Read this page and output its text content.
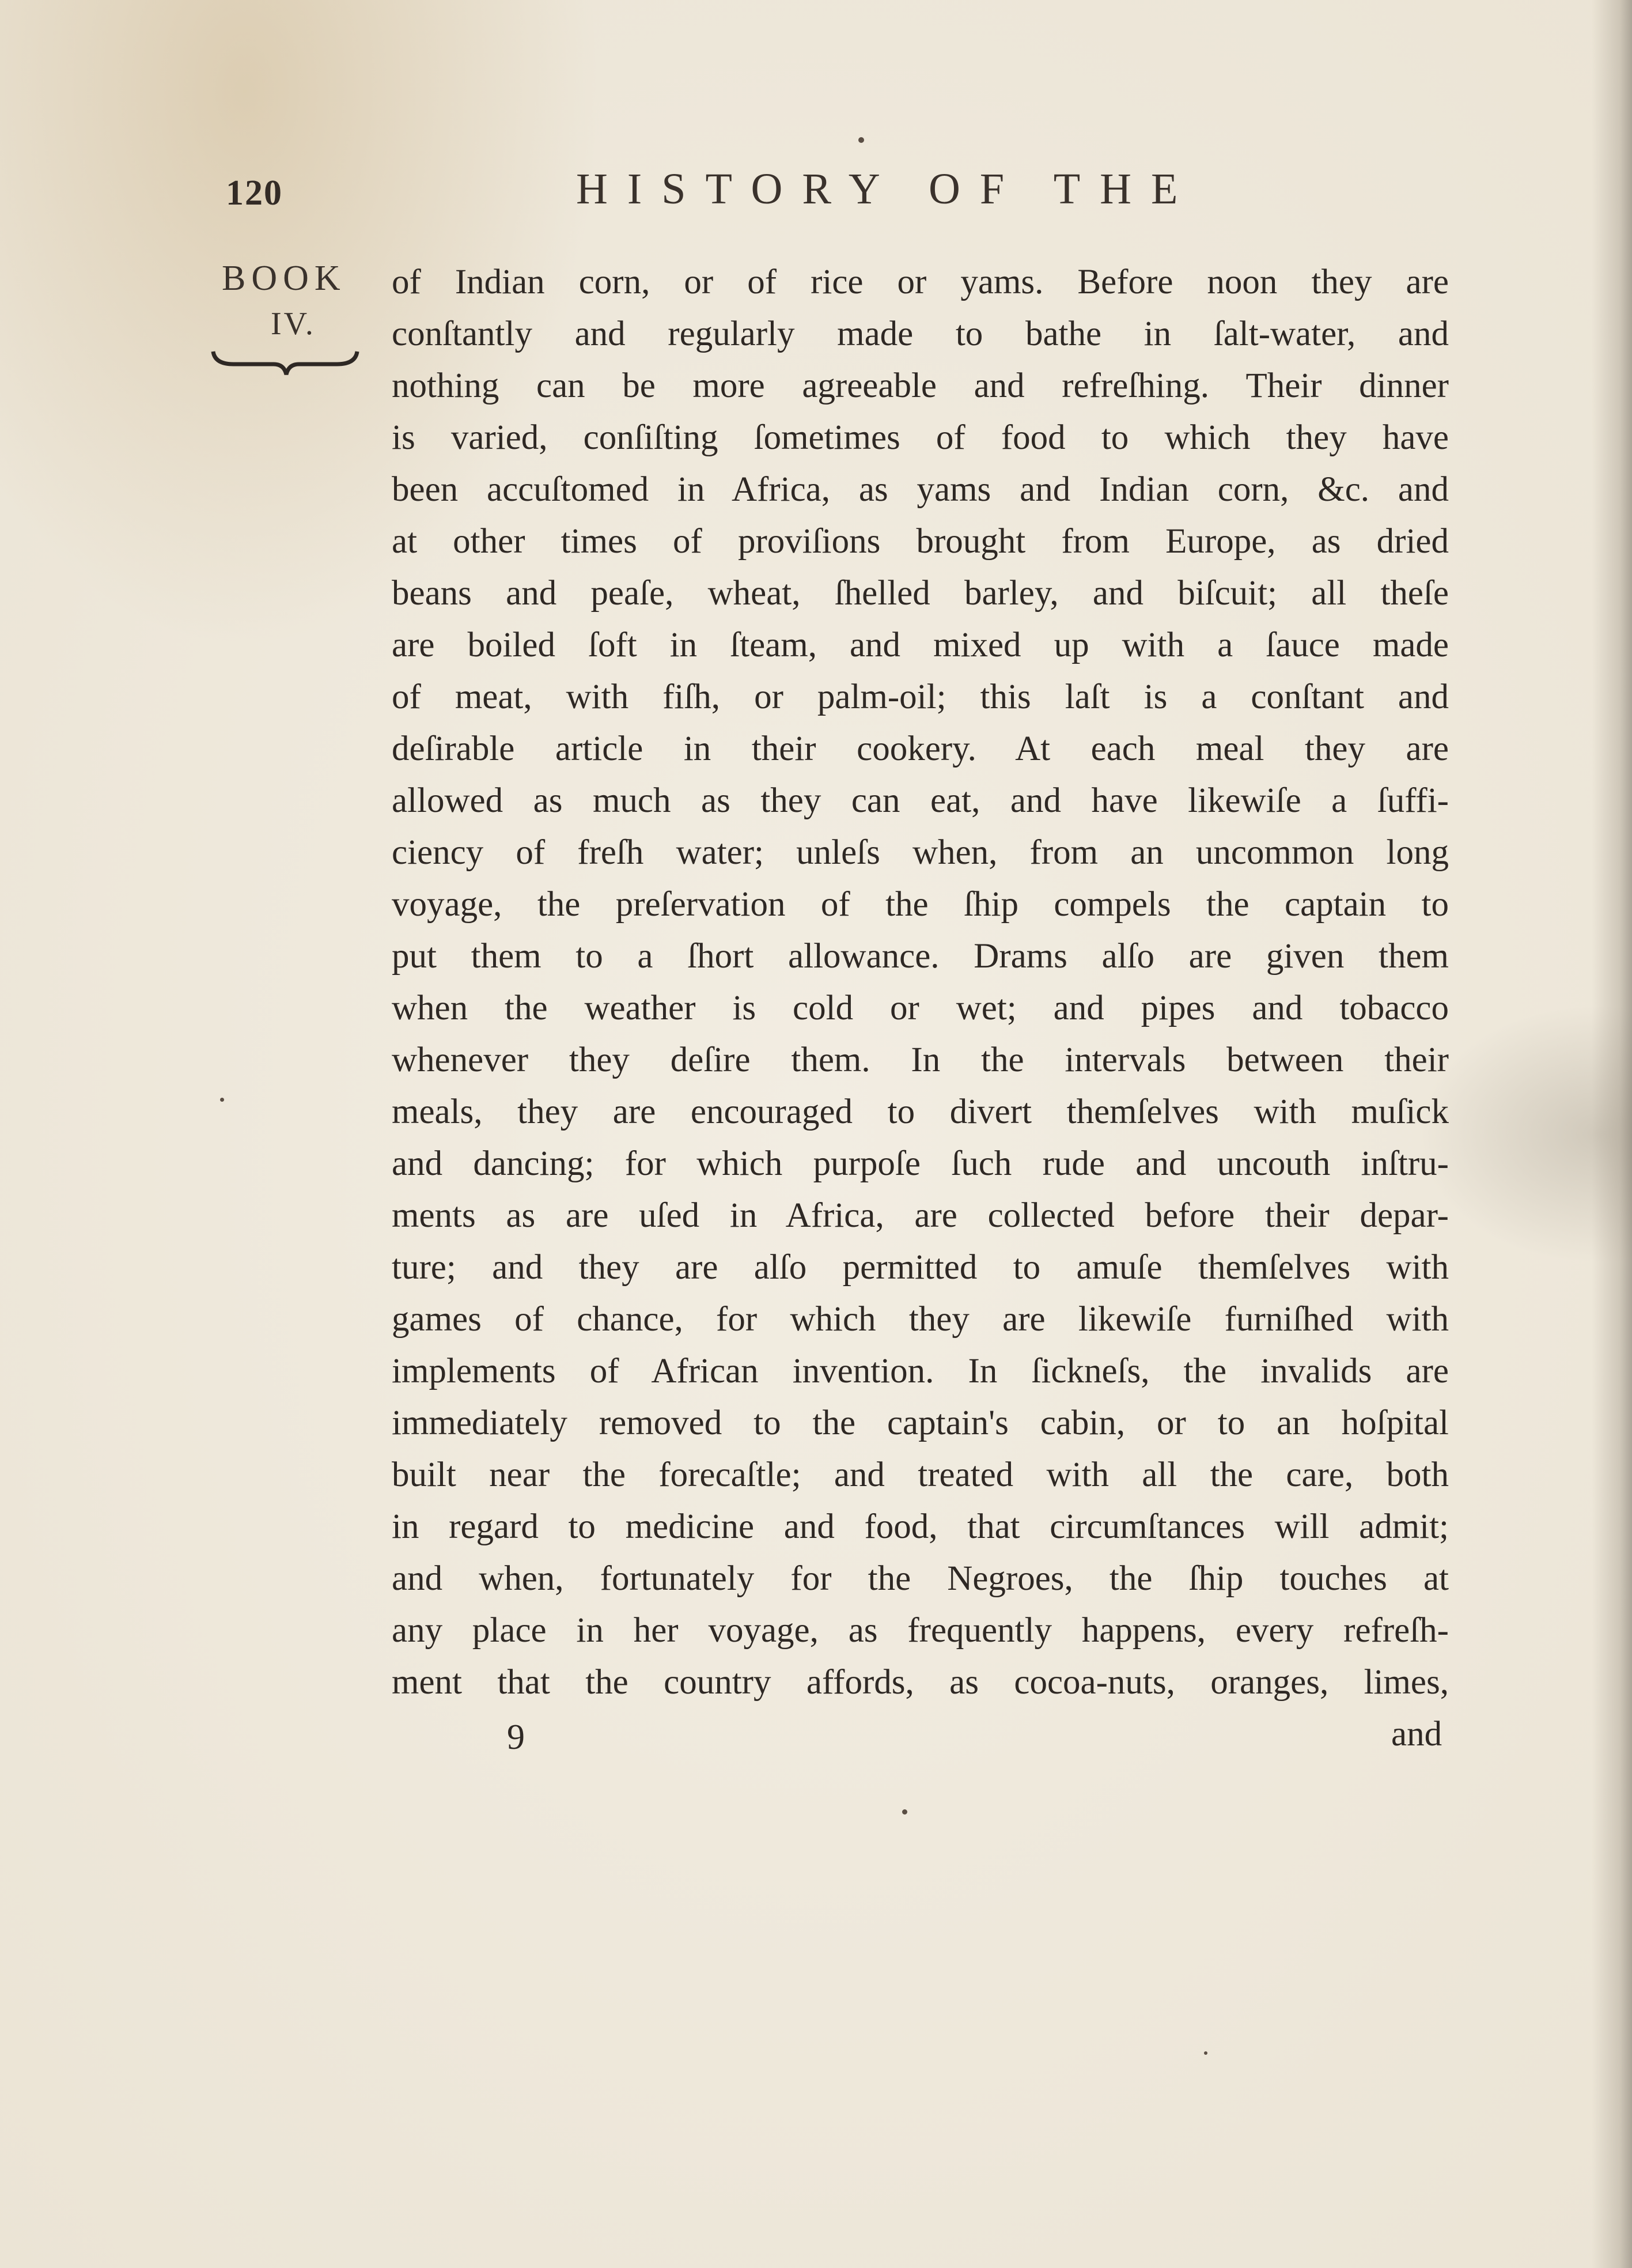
120	HISTORY OF THE
BOOK
IV.
of Indian corn, or of rice or yams. Before noon they are
conſtantly and regularly made to bathe in ſalt-water, and
nothing can be more agreeable and refreſhing. Their dinner
is varied, conſiſting ſometimes of food to which they have
been accuſtomed in Africa, as yams and Indian corn, &c. and
at other times of proviſions brought from Europe, as dried
beans and peaſe, wheat, ſhelled barley, and biſcuit; all theſe
are boiled ſoft in ſteam, and mixed up with a ſauce made
of meat, with fiſh, or palm-oil; this laſt is a conſtant and
deſirable article in their cookery. At each meal they are
allowed as much as they can eat, and have likewiſe a ſuffi-
ciency of freſh water; unleſs when, from an uncommon long
voyage, the preſervation of the ſhip compels the captain to
put them to a ſhort allowance. Drams alſo are given them
when the weather is cold or wet; and pipes and tobacco
whenever they deſire them. In the intervals between their
meals, they are encouraged to divert themſelves with muſick
and dancing; for which purpoſe ſuch rude and uncouth inſtru-
ments as are uſed in Africa, are collected before their depar-
ture; and they are alſo permitted to amuſe themſelves with
games of chance, for which they are likewiſe furniſhed with
implements of African invention. In ſickneſs, the invalids are
immediately removed to the captain's cabin, or to an hoſpital
built near the forecaſtle; and treated with all the care, both
in regard to medicine and food, that circumſtances will admit;
and when, fortunately for the Negroes, the ſhip touches at
any place in her voyage, as frequently happens, every refreſh-
ment that the country affords, as cocoa-nuts, oranges, limes,
9	and
